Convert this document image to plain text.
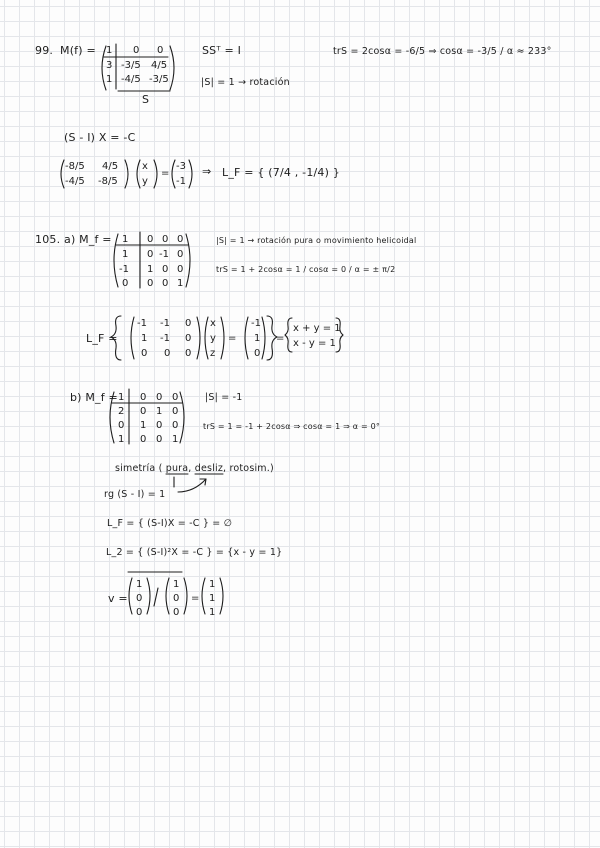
99. M(f) = 1 0 0
3 -3/5 4/5
1 -4/5 -3/5
S
SSᵀ = I
|S| = 1 → rotación
trS = 2cosα = -6/5 ⇒ cosα = -3/5 / α ≈ 233°
(S - I) X = -C
-8/5 4/5
-4/5 -8/5
x
y
=
-3
-1
⇒ L_F = { (7/4 , -1/4) }
105. a) M_f = 1 0 0 0
1 0 -1 0
-1 1 0 0
0 0 0 1
|S| = 1 → rotación pura o movimiento helicoidal
trS = 1 + 2cosα = 1 / cosα = 0 / α = ± π/2
L_F =
-1 -1 0
1 -1 0
0 0 0
x
y
z
=
-1
1
0
=
x + y = 1
x - y = 1
b) M_f = 1 0 0 0
2 0 1 0
0 1 0 0
1 0 0 1
|S| = -1
trS = 1 = -1 + 2cosα ⇒ cosα = 1 ⇒ α = 0°
simetría ( pura, desliz, rotosim.)
rg (S - I) = 1
L_F = { (S-I)X = -C } = ∅
L_2 = { (S-I)²X = -C } = {x - y = 1}
v =
1
0
0
1
0
0
=
1
1
1
